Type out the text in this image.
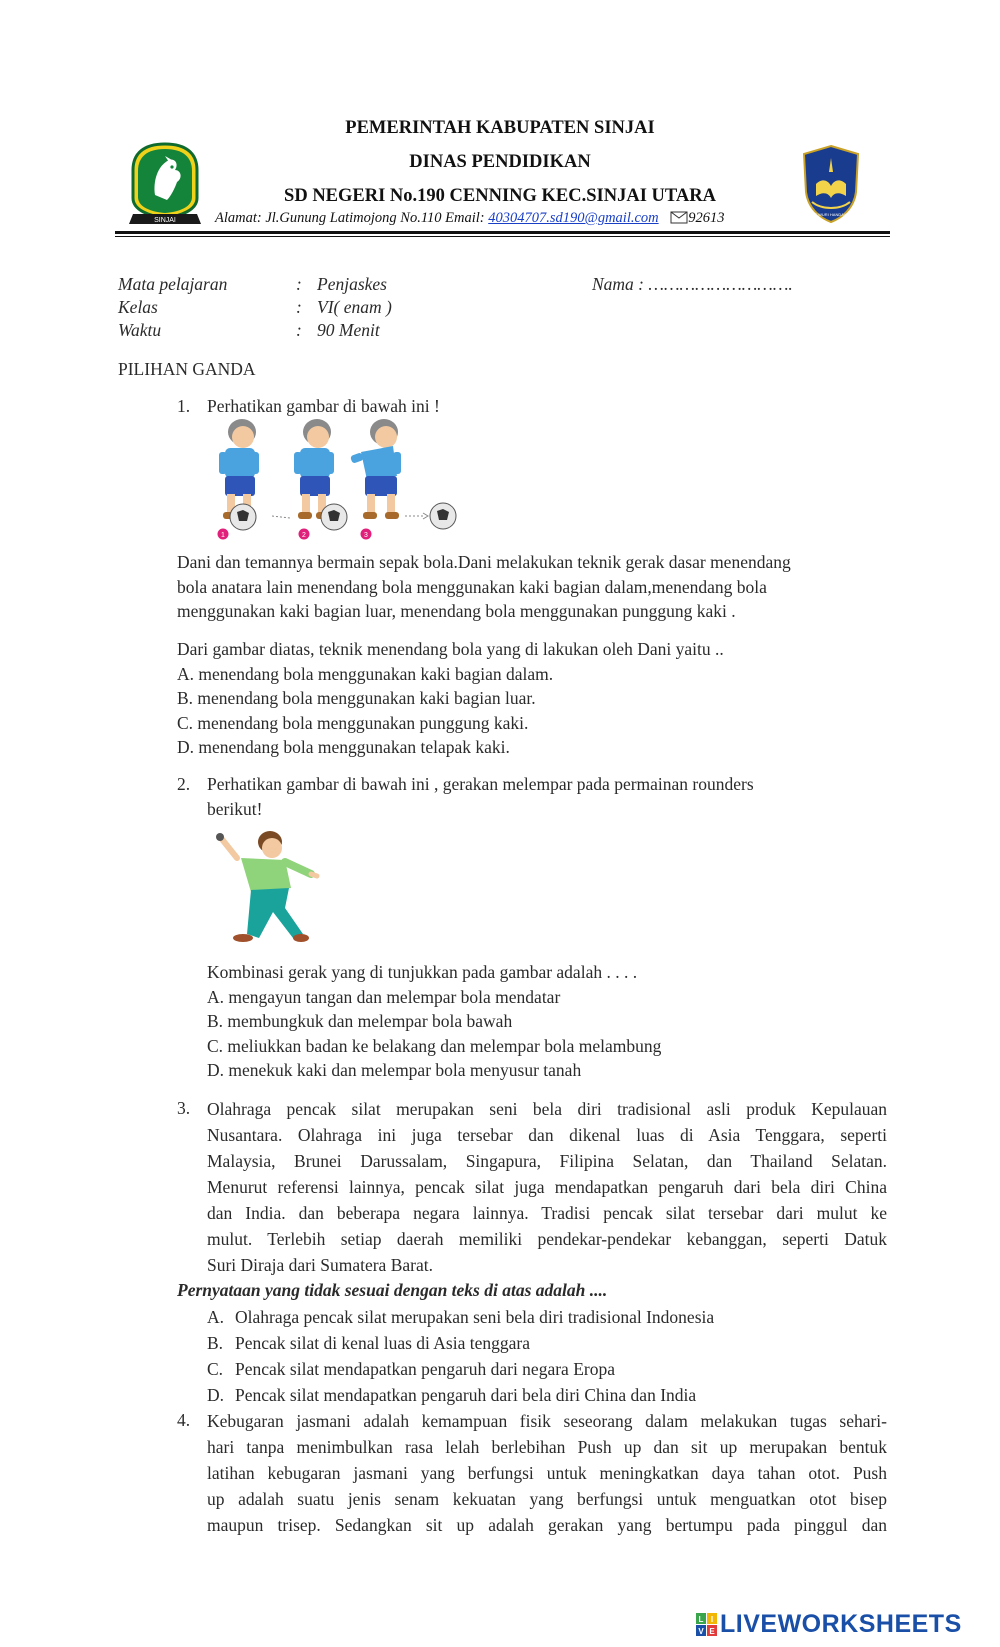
SINJAI
TUT WURI HANDAYANI
PEMERINTAH KABUPATEN SINJAI
DINAS PENDIDIKAN
SD NEGERI No.190 CENNING KEC.SINJAI UTARA
Alamat: Jl.Gunung Latimojong No.110 Email: 40304707.sd190@gmail.com 92613
Mata pelajaran	: Penjaskes	Nama : ……………………….
Kelas	: VI( enam )
Waktu	: 90 Menit
PILIHAN GANDA
1. Perhatikan gambar di bawah ini !
1	2	3
Dani dan temannya bermain sepak bola.Dani melakukan teknik gerak dasar menendang
bola anatara lain menendang bola menggunakan kaki bagian dalam,menendang bola
menggunakan kaki bagian luar, menendang bola menggunakan punggung kaki .
Dari gambar diatas, teknik menendang bola yang di lakukan oleh Dani yaitu ..
A. menendang bola menggunakan kaki bagian dalam.
B. menendang bola menggunakan kaki bagian luar.
C. menendang bola menggunakan punggung kaki.
D. menendang bola menggunakan telapak kaki.
2. Perhatikan gambar di bawah ini , gerakan melempar pada permainan rounders
berikut!
Kombinasi gerak yang di tunjukkan pada gambar adalah . . . .
A. mengayun tangan dan melempar bola mendatar
B. membungkuk dan melempar bola bawah
C. meliukkan badan ke belakang dan melempar bola melambung
D. menekuk kaki dan melempar bola menyusur tanah
3. Olahraga pencak silat merupakan seni bela diri tradisional asli produk Kepulauan
Nusantara. Olahraga ini juga tersebar dan dikenal luas di Asia Tenggara, seperti
Malaysia, Brunei Darussalam, Singapura, Filipina Selatan, dan Thailand Selatan.
Menurut referensi lainnya, pencak silat juga mendapatkan pengaruh dari bela diri China
dan India. dan beberapa negara lainnya. Tradisi pencak silat tersebar dari mulut ke
mulut. Terlebih setiap daerah memiliki pendekar-pendekar kebanggan, seperti Datuk
Suri Diraja dari Sumatera Barat.
Pernyataan yang tidak sesuai dengan teks di atas adalah ....
A. Olahraga pencak silat merupakan seni bela diri tradisional Indonesia
B. Pencak silat di kenal luas di Asia tenggara
C. Pencak silat mendapatkan pengaruh dari negara Eropa
D. Pencak silat mendapatkan pengaruh dari bela diri China dan India
4. Kebugaran jasmani adalah kemampuan fisik seseorang dalam melakukan tugas sehari-
hari tanpa menimbulkan rasa lelah berlebihan Push up dan sit up merupakan bentuk
latihan kebugaran jasmani yang berfungsi untuk meningkatkan daya tahan otot. Push
up adalah suatu jenis senam kekuatan yang berfungsi untuk menguatkan otot bisep
maupun trisep. Sedangkan sit up adalah gerakan yang bertumpu pada pinggul dan
L I
V E LIVEWORKSHEETS
